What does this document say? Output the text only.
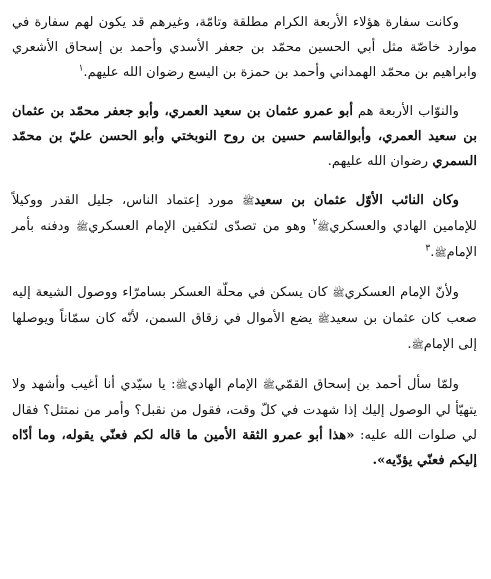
وكانت سفارة هؤلاء الأربعة الكرام مطلقة وتامّة، وغيرهم قد يكون لهم سفارة في موارد خاصّة مثل أبي الحسين محمّد بن جعفر الأسدي وأحمد بن إسحاق الأشعري وابراهيم بن محمّد الهمداني وأحمد بن حمزة بن اليسع رضوان الله عليهم.$^١$

والنوّاب الأربعة هم أبو عمرو عثمان بن سعيد العمري، وأبو جعفر محمّد بن عثمان بن سعيد العمري، وأبوالقاسم حسين بن روح النوبختي وأبو الحسن عليّ بن محمّد السمري رضوان الله عليهم.

وكان النائب الأوّل عثمان بن سعيدﷺ مورد إعتماد الناس، جليل القدر ووكيلاً للإمامين الهادي والعسكريﷺ$^٢$ وهو من تصدّى لتكفين الإمام العسكريﷺ ودفنه بأمر الإمامﷺ.$^٣$

ولأنّ الإمام العسكريﷺ كان يسكن في محلّة العسكر بسامرّاء ووصول الشيعة إليه صعب كان عثمان بن سعيدﷺ يضع الأموال في زقاق السمن، لأنّه كان سمّاناً ويوصلها إلى الإمامﷺ.

ولمّا سأل أحمد بن إسحاق القمّيﷺ الإمام الهاديﷺ: يا سيّدي أنا أغيب وأشهد ولا يتهيّأ لي الوصول إليك إذا شهدت في كلّ وقت، فقول من نقبل؟ وأمر من نمتثل؟ فقال لي صلوات الله عليه: «هذا أبو عمرو الثقة الأمين ما قاله لكم فعنّي يقوله، وما أدّاه إليكم فعنّي يؤدّيه».
